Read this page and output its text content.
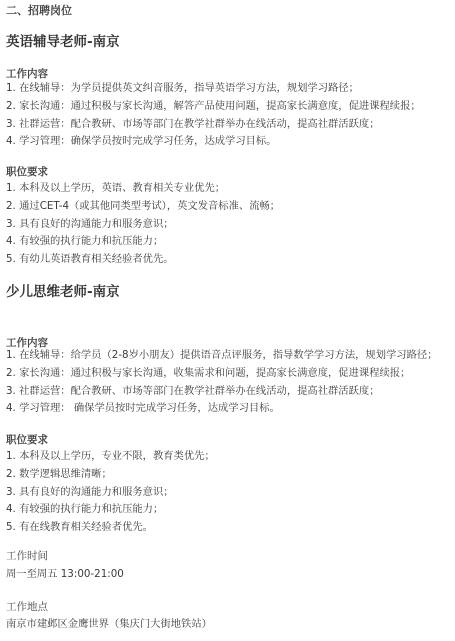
二、招聘岗位
英语辅导老师-南京
工作内容
1. 在线辅导：为学员提供英文纠音服务，指导英语学习方法，规划学习路径；
2. 家长沟通：通过积极与家长沟通，解答产品使用问题，提高家长满意度，促进课程续报；
3. 社群运营：配合教研、市场等部门在教学社群举办在线活动，提高社群活跃度；
4. 学习管理：确保学员按时完成学习任务，达成学习目标。
职位要求
1. 本科及以上学历，英语、教育相关专业优先；
2. 通过CET-4（或其他同类型考试），英文发音标准、流畅；
3. 具有良好的沟通能力和服务意识；
4. 有较强的执行能力和抗压能力；
5. 有幼儿英语教育相关经验者优先。
少儿思维老师-南京
工作内容
1. 在线辅导：给学员（2-8岁小朋友）提供语音点评服务，指导数学学习方法，规划学习路径；
2. 家长沟通：通过积极与家长沟通，收集需求和问题，提高家长满意度，促进课程续报；
3. 社群运营：配合教研、市场等部门在教学社群举办在线活动，提高社群活跃度；
4. 学习管理： 确保学员按时完成学习任务，达成学习目标。
职位要求
1. 本科及以上学历，专业不限，教育类优先；
2. 数学逻辑思维清晰；
3. 具有良好的沟通能力和服务意识；
4. 有较强的执行能力和抗压能力；
5. 有在线教育相关经验者优先。
工作时间
周一至周五 13:00-21:00
工作地点
南京市建邺区金鹰世界（集庆门大街地铁站）
